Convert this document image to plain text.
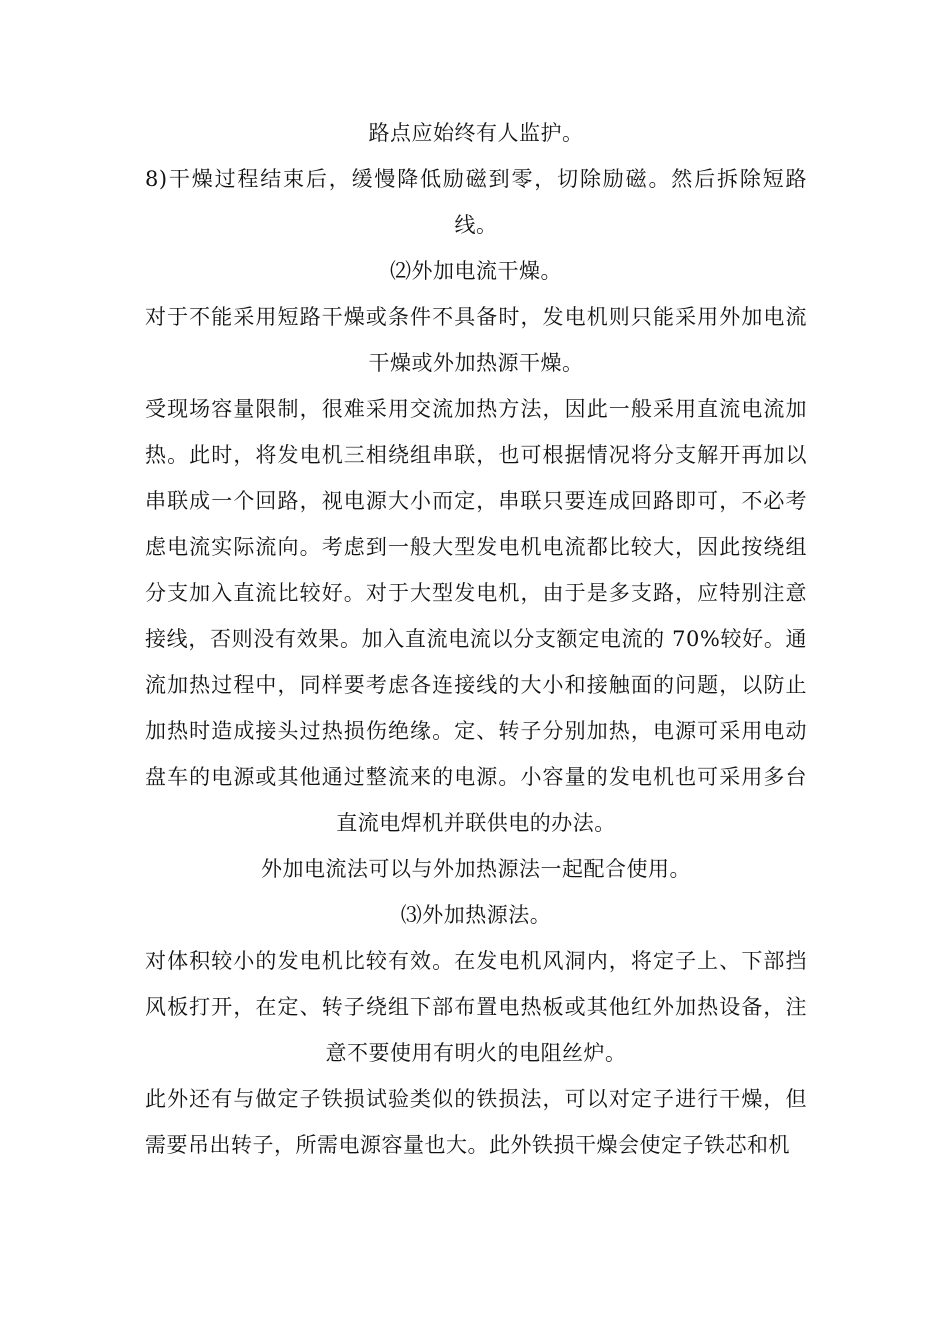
路点应始终有人监护。

8)干燥过程结束后，缓慢降低励磁到零，切除励磁。然后拆除短路线。

⑵外加电流干燥。

对于不能采用短路干燥或条件不具备时，发电机则只能采用外加电流干燥或外加热源干燥。

受现场容量限制，很难采用交流加热方法，因此一般采用直流电流加热。此时，将发电机三相绕组串联，也可根据情况将分支解开再加以串联成一个回路，视电源大小而定，串联只要连成回路即可，不必考虑电流实际流向。考虑到一般大型发电机电流都比较大，因此按绕组分支加入直流比较好。对于大型发电机，由于是多支路，应特别注意接线，否则没有效果。加入直流电流以分支额定电流的 70%较好。通流加热过程中，同样要考虑各连接线的大小和接触面的问题，以防止加热时造成接头过热损伤绝缘。定、转子分别加热，电源可采用电动盘车的电源或其他通过整流来的电源。小容量的发电机也可采用多台直流电焊机并联供电的办法。

外加电流法可以与外加热源法一起配合使用。

⑶外加热源法。

对体积较小的发电机比较有效。在发电机风洞内，将定子上、下部挡风板打开，在定、转子绕组下部布置电热板或其他红外加热设备，注意不要使用有明火的电阻丝炉。

此外还有与做定子铁损试验类似的铁损法，可以对定子进行干燥，但需要吊出转子，所需电源容量也大。此外铁损干燥会使定子铁芯和机
